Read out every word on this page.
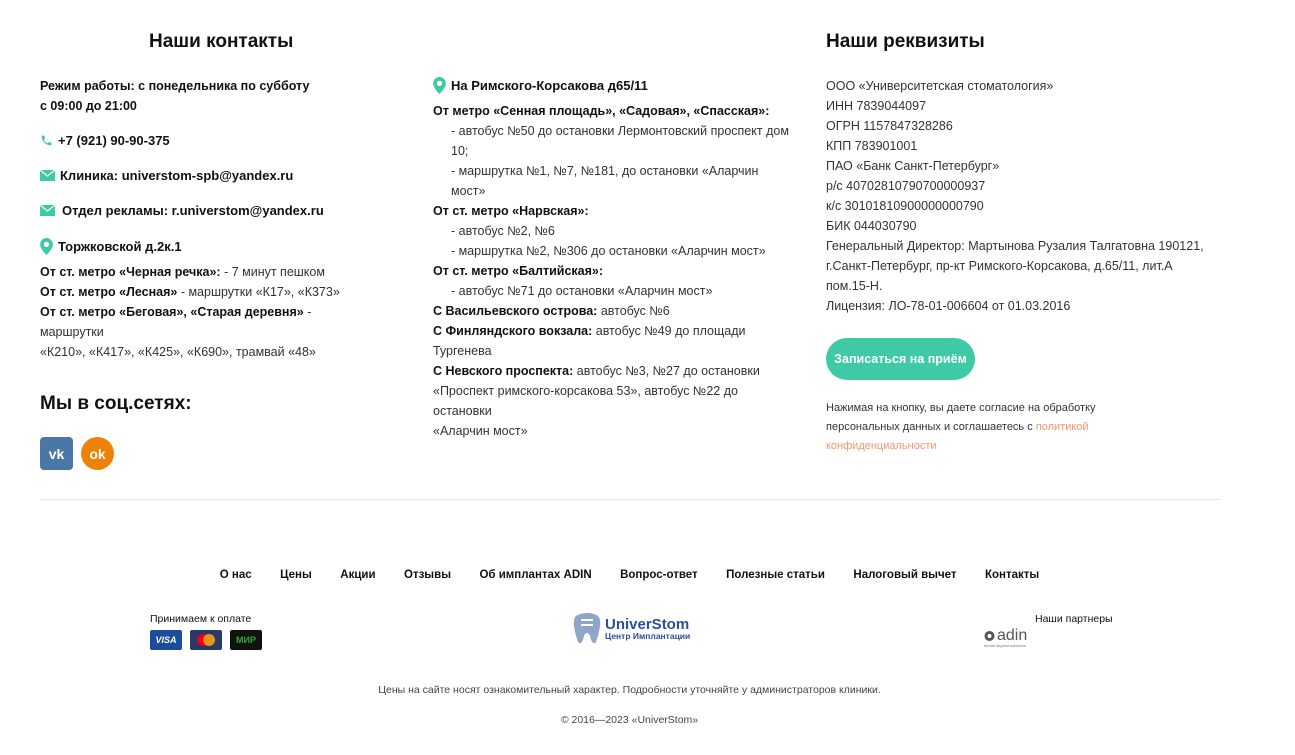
Наши контакты
Режим работы: с понедельника по субботу
с 09:00 до 21:00
+7 (921) 90-90-375
Клиника: universtom-spb@yandex.ru
Отдел рекламы: r.universtom@yandex.ru
Торжковской д.2к.1
От ст. метро «Черная речка»: - 7 минут пешком
От ст. метро «Лесная» - маршрутки «К17», «К373»
От ст. метро «Беговая», «Старая деревня» - маршрутки
«К210», «К417», «К425», «К690», трамвай «48»
Мы в соц.сетях:
vk ok
На Римского-Корсакова д65/11
От метро «Сенная площадь», «Садовая», «Спасская»:
- автобус №50 до остановки Лермонтовский проспект дом 10;
- маршрутка №1, №7, №181, до остановки «Аларчин мост»
От ст. метро «Нарвская»:
- автобус №2, №6
- маршрутка №2, №306 до остановки «Аларчин мост»
От ст. метро «Балтийская»:
- автобус №71 до остановки «Аларчин мост»
С Васильевского острова: автобус №6
С Финляндского вокзала: автобус №49 до площади Тургенева
С Невского проспекта: автобус №3, №27 до остановки
«Проспект римского-корсакова 53», автобус №22 до остановки
«Аларчин мост»
Наши реквизиты
ООО «Университетская стоматология»
ИНН 7839044097
ОГРН 1157847328286
КПП 783901001
ПАО «Банк Санкт-Петербург»
р/с 40702810790700000937
к/с 30101810900000000790
БИК 044030790
Генеральный Директор: Мартынова Рузалия Талгатовна 190121,
г.Санкт-Петербург, пр-кт Римского-Корсакова, д.65/11, лит.А
пом.15-Н.
Лицензия: ЛО-78-01-006604 от 01.03.2016
Записаться на приём
Нажимая на кнопку, вы даете согласие на обработку персональных данных и соглашаетесь с политикой конфиденциальности
О нас Цены Акции Отзывы Об имплантах ADIN Вопрос-ответ Полезные статьи Налоговый вычет Контакты
Принимаем к оплате
VISA	МИР
UniverStom
Центр Имплантации
Наши партнеры
adin
dental implant solutions
Цены на сайте носят ознакомительный характер. Подробности уточняйте у администраторов клиники.
© 2016—2023 «UniverStom»
